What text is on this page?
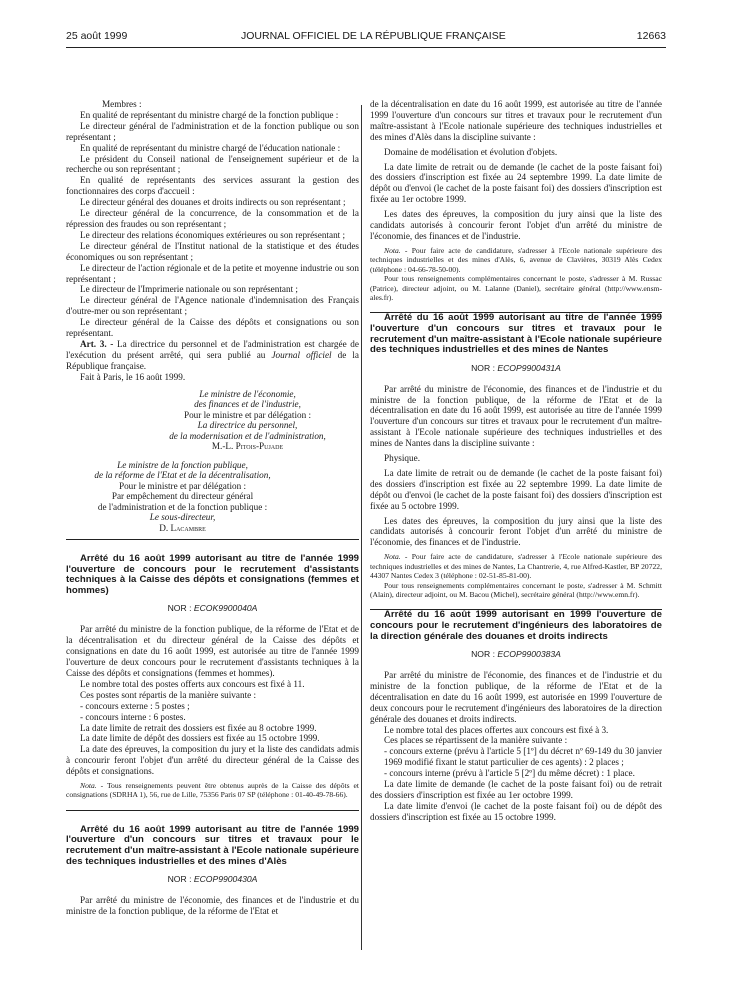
25 août 1999	JOURNAL OFFICIEL DE LA RÉPUBLIQUE FRANÇAISE	12663

Membres :

En qualité de représentant du ministre chargé de la fonction publique :

Le directeur général de l'administration et de la fonction publique ou son représentant ;

En qualité de représentant du ministre chargé de l'éducation nationale :

Le président du Conseil national de l'enseignement supérieur et de la recherche ou son représentant ;

En qualité de représentants des services assurant la gestion des fonctionnaires des corps d'accueil :

Le directeur général des douanes et droits indirects ou son représentant ;

Le directeur général de la concurrence, de la consommation et de la répression des fraudes ou son représentant ;

Le directeur des relations économiques extérieures ou son représentant ;

Le directeur général de l'Institut national de la statistique et des études économiques ou son représentant ;

Le directeur de l'action régionale et de la petite et moyenne industrie ou son représentant ;

Le directeur de l'Imprimerie nationale ou son représentant ;

Le directeur général de l'Agence nationale d'indemnisation des Français d'outre-mer ou son représentant ;

Le directeur général de la Caisse des dépôts et consignations ou son représentant.

Art. 3. - La directrice du personnel et de l'administration est chargée de l'exécution du présent arrêté, qui sera publié au Journal officiel de la République française.

Fait à Paris, le 16 août 1999.

Le ministre de l'économie,
des finances et de l'industrie,
Pour le ministre et par délégation :
La directrice du personnel,
de la modernisation et de l'administration,
M.-L. Pitois-Pujade
Le ministre de la fonction publique,
de la réforme de l'Etat et de la décentralisation,
Pour le ministre et par délégation :
Par empêchement du directeur général
de l'administration et de la fonction publique :
Le sous-directeur,
D. Lacambre

Arrêté du 16 août 1999 autorisant au titre de l'année 1999 l'ouverture de concours pour le recrutement d'assistants techniques à la Caisse des dépôts et consignations (femmes et hommes)

NOR : ECOK9900040A

Par arrêté du ministre de la fonction publique, de la réforme de l'Etat et de la décentralisation et du directeur général de la Caisse des dépôts et consignations en date du 16 août 1999, est autorisée au titre de l'année 1999 l'ouverture de deux concours pour le recrutement d'assistants techniques à la Caisse des dépôts et consignations (femmes et hommes).

Le nombre total des postes offerts aux concours est fixé à 11.

Ces postes sont répartis de la manière suivante :

- concours externe : 5 postes ;
- concours interne : 6 postes.

La date limite de retrait des dossiers est fixée au 8 octobre 1999.

La date limite de dépôt des dossiers est fixée au 15 octobre 1999.

La date des épreuves, la composition du jury et la liste des candidats admis à concourir feront l'objet d'un arrêté du directeur général de la Caisse des dépôts et consignations.

Nota. - Tous renseignements peuvent être obtenus auprès de la Caisse des dépôts et consignations (SDRHA 1), 56, rue de Lille, 75356 Paris 07 SP (téléphone : 01-40-49-78-66).

Arrêté du 16 août 1999 autorisant au titre de l'année 1999 l'ouverture d'un concours sur titres et travaux pour le recrutement d'un maître-assistant à l'Ecole nationale supérieure des techniques industrielles et des mines d'Alès

NOR : ECOP9900430A

Par arrêté du ministre de l'économie, des finances et de l'industrie et du ministre de la fonction publique, de la réforme de l'Etat et

de la décentralisation en date du 16 août 1999, est autorisée au titre de l'année 1999 l'ouverture d'un concours sur titres et travaux pour le recrutement d'un maître-assistant à l'Ecole nationale supérieure des techniques industrielles et des mines d'Alès dans la discipline suivante :

Domaine de modélisation et évolution d'objets.

La date limite de retrait ou de demande (le cachet de la poste faisant foi) des dossiers d'inscription est fixée au 24 septembre 1999. La date limite de dépôt ou d'envoi (le cachet de la poste faisant foi) des dossiers d'inscription est fixée au 1er octobre 1999.

Les dates des épreuves, la composition du jury ainsi que la liste des candidats autorisés à concourir feront l'objet d'un arrêté du ministre de l'économie, des finances et de l'industrie.

Nota. - Pour faire acte de candidature, s'adresser à l'Ecole nationale supérieure des techniques industrielles et des mines d'Alès, 6, avenue de Clavières, 30319 Alès Cedex (téléphone : 04-66-78-50-00).

Pour tous renseignements complémentaires concernant le poste, s'adresser à M. Russac (Patrice), directeur adjoint, ou M. Lalanne (Daniel), secrétaire général (http://www.ensm-ales.fr).

Arrêté du 16 août 1999 autorisant au titre de l'année 1999 l'ouverture d'un concours sur titres et travaux pour le recrutement d'un maître-assistant à l'Ecole nationale supérieure des techniques industrielles et des mines de Nantes

NOR : ECOP9900431A

Par arrêté du ministre de l'économie, des finances et de l'industrie et du ministre de la fonction publique, de la réforme de l'Etat et de la décentralisation en date du 16 août 1999, est autorisée au titre de l'année 1999 l'ouverture d'un concours sur titres et travaux pour le recrutement d'un maître-assistant à l'Ecole nationale supérieure des techniques industrielles et des mines de Nantes dans la discipline suivante :

Physique.

La date limite de retrait ou de demande (le cachet de la poste faisant foi) des dossiers d'inscription est fixée au 22 septembre 1999. La date limite de dépôt ou d'envoi (le cachet de la poste faisant foi) des dossiers d'inscription est fixée au 5 octobre 1999.

Les dates des épreuves, la composition du jury ainsi que la liste des candidats autorisés à concourir feront l'objet d'un arrêté du ministre de l'économie, des finances et de l'industrie.

Nota. - Pour faire acte de candidature, s'adresser à l'Ecole nationale supérieure des techniques industrielles et des mines de Nantes, La Chantrerie, 4, rue Alfred-Kastler, BP 20722, 44307 Nantes Cedex 3 (téléphone : 02-51-85-81-00).

Pour tous renseignements complémentaires concernant le poste, s'adresser à M. Schmitt (Alain), directeur adjoint, ou M. Bacou (Michel), secrétaire général (http://www.emn.fr).

Arrêté du 16 août 1999 autorisant en 1999 l'ouverture de concours pour le recrutement d'ingénieurs des laboratoires de la direction générale des douanes et droits indirects

NOR : ECOP9900383A

Par arrêté du ministre de l'économie, des finances et de l'industrie et du ministre de la fonction publique, de la réforme de l'Etat et de la décentralisation en date du 16 août 1999, est autorisée en 1999 l'ouverture de deux concours pour le recrutement d'ingénieurs des laboratoires de la direction générale des douanes et droits indirects.

Le nombre total des places offertes aux concours est fixé à 3.

Ces places se répartissent de la manière suivante :

- concours externe (prévu à l'article 5 [1º] du décret nº 69-149 du 30 janvier 1969 modifié fixant le statut particulier de ces agents) : 2 places ;
- concours interne (prévu à l'article 5 [2º] du même décret) : 1 place.

La date limite de demande (le cachet de la poste faisant foi) ou de retrait des dossiers d'inscription est fixée au 1er octobre 1999.

La date limite d'envoi (le cachet de la poste faisant foi) ou de dépôt des dossiers d'inscription est fixée au 15 octobre 1999.
